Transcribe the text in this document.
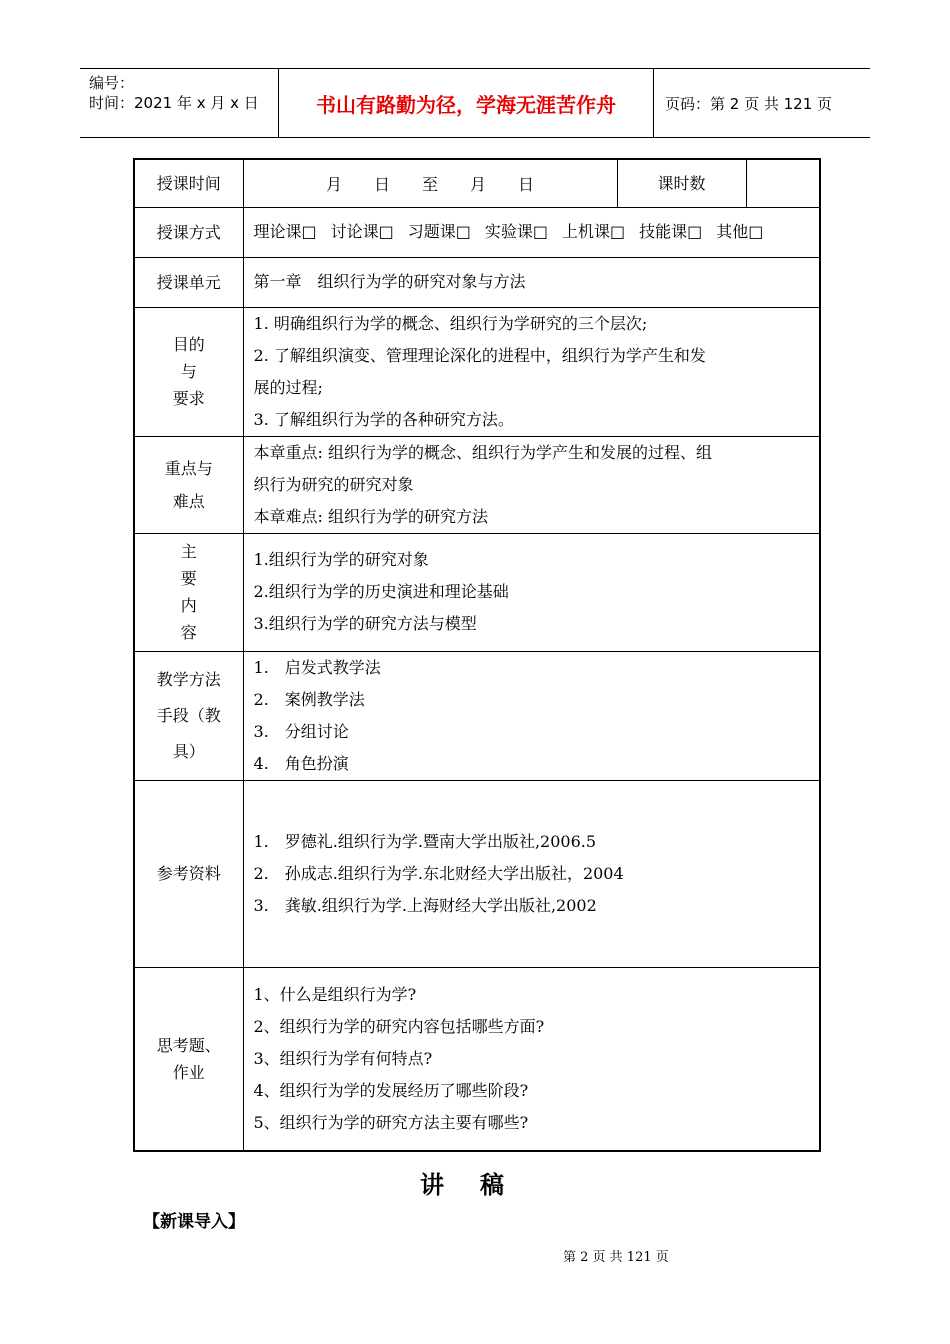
编号：
时间：2021 年 x 月 x 日	书山有路勤为径，学海无涯苦作舟	页码：第 2 页 共 121 页
授课时间	月　　日　　至　　月　　日	课时数	
授课方式	理论课□ 讨论课□ 习题课□ 实验课□ 上机课□ 技能课□ 其他□		
授课单元	第一章　组织行为学的研究对象与方法		

目的
与
要求	1. 明确组织行为学的概念、组织行为学研究的三个层次;
2. 了解组织演变、管理理论深化的进程中，组织行为学产生和发
展的过程;
3. 了解组织行为学的各种研究方法。		

重点与
难点	本章重点: 组织行为学的概念、组织行为学产生和发展的过程、组
织行为研究的研究对象
本章难点: 组织行为学的研究方法		

主
要
内
容	1.组织行为学的研究对象
2.组织行为学的历史演进和理论基础
3.组织行为学的研究方法与模型		

教学方法
手段（教
具）	1.　启发式教学法
2.　案例教学法
3.　分组讨论
4.　角色扮演		

参考资料	1.　罗德礼.组织行为学.暨南大学出版社,2006.5
2.　孙成志.组织行为学.东北财经大学出版社，2004
3.　龚敏.组织行为学.上海财经大学出版社,2002		

思考题、
作业	1、什么是组织行为学?
2、组织行为学的研究内容包括哪些方面?
3、组织行为学有何特点?
4、组织行为学的发展经历了哪些阶段?
5、组织行为学的研究方法主要有哪些?		
讲稿
【新课导入】
第 2 页 共 121 页
